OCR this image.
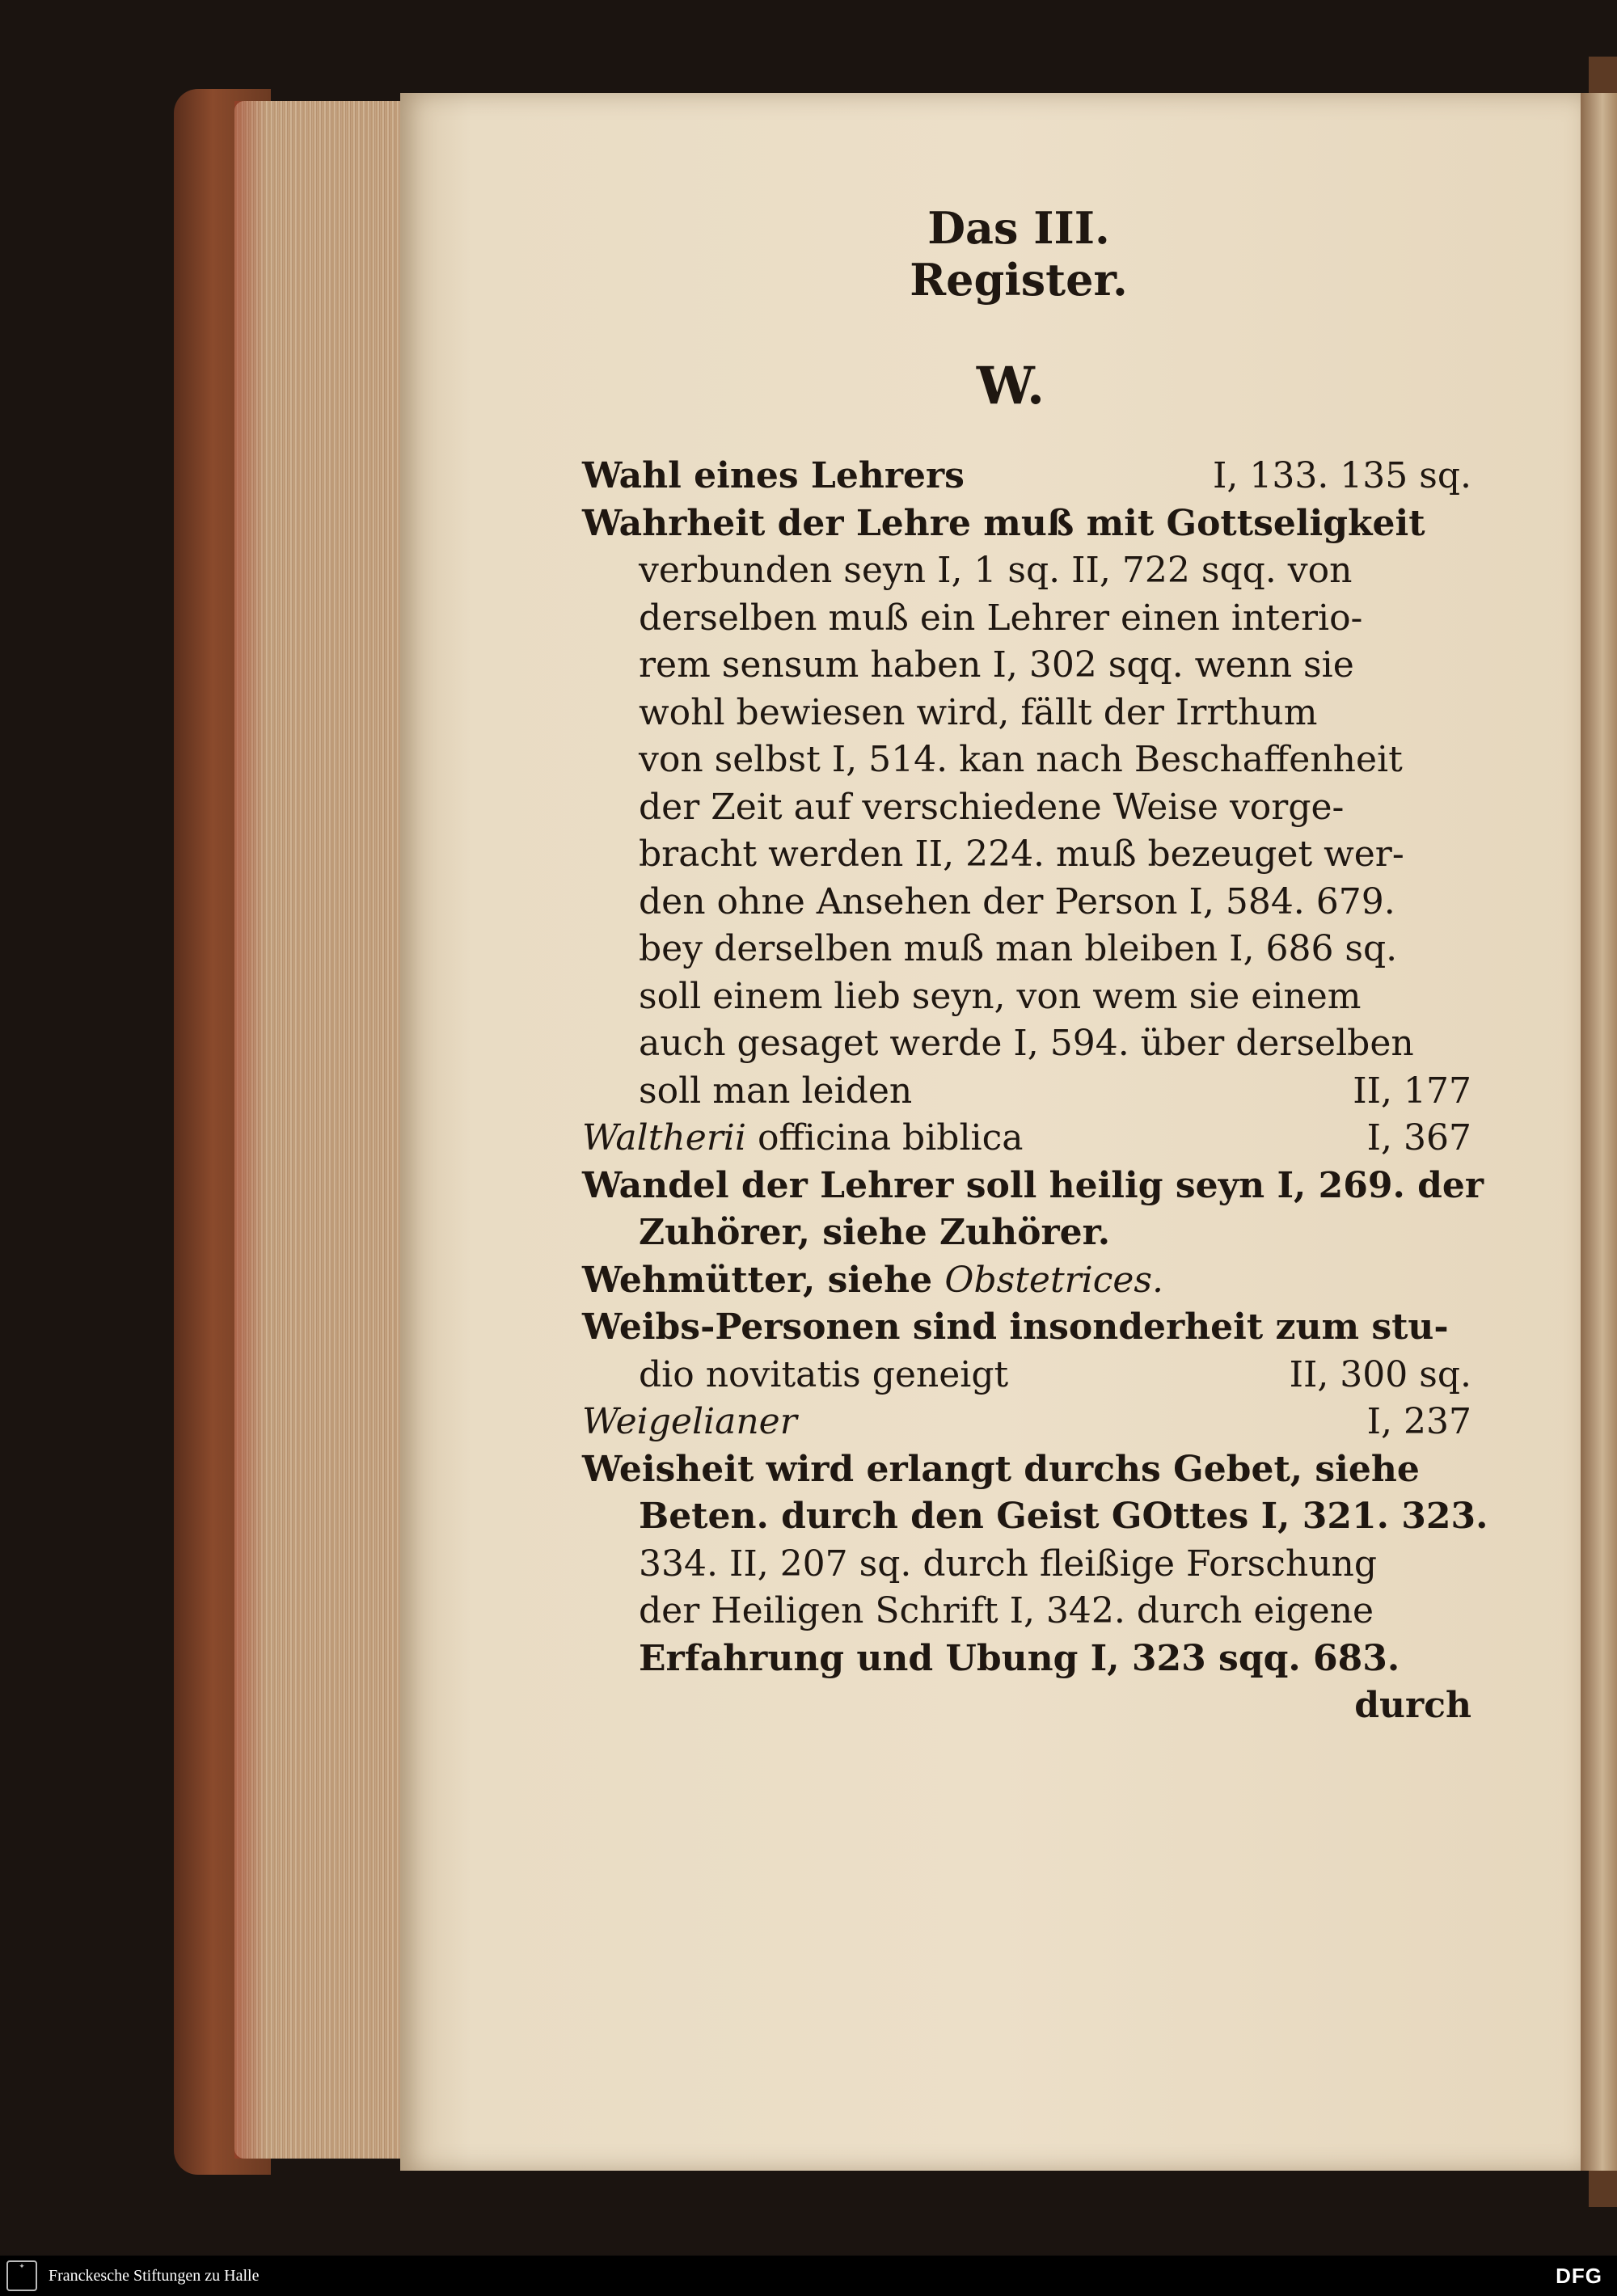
Das III. Register.
W.
Wahl eines Lehrers	I, 133. 135 sq.
Wahrheit der Lehre muß mit Gottseligkeit
verbunden seyn I, 1 sq. II, 722 sqq. von
derselben muß ein Lehrer einen interio-
rem sensum haben I, 302 sqq. wenn sie
wohl bewiesen wird, fällt der Irrthum
von selbst I, 514. kan nach Beschaffenheit
der Zeit auf verschiedene Weise vorge-
bracht werden II, 224. muß bezeuget wer-
den ohne Ansehen der Person I, 584. 679.
bey derselben muß man bleiben I, 686 sq.
soll einem lieb seyn, von wem sie einem
auch gesaget werde I, 594. über derselben
soll man leiden	II, 177
Waltherii officina biblica	I, 367
Wandel der Lehrer soll heilig seyn I, 269. der
Zuhörer, siehe Zuhörer.
Wehmütter, siehe Obstetrices.
Weibs-Personen sind insonderheit zum stu-
dio novitatis geneigt	II, 300 sq.
Weigelianer	I, 237
Weisheit wird erlangt durchs Gebet, siehe
Beten. durch den Geist GOttes I, 321. 323.
334. II, 207 sq. durch fleißige Forschung
der Heiligen Schrift I, 342. durch eigene
Erfahrung und Ubung I, 323 sqq. 683.
durch
✦
Franckesche Stiftungen zu Halle	DFG
